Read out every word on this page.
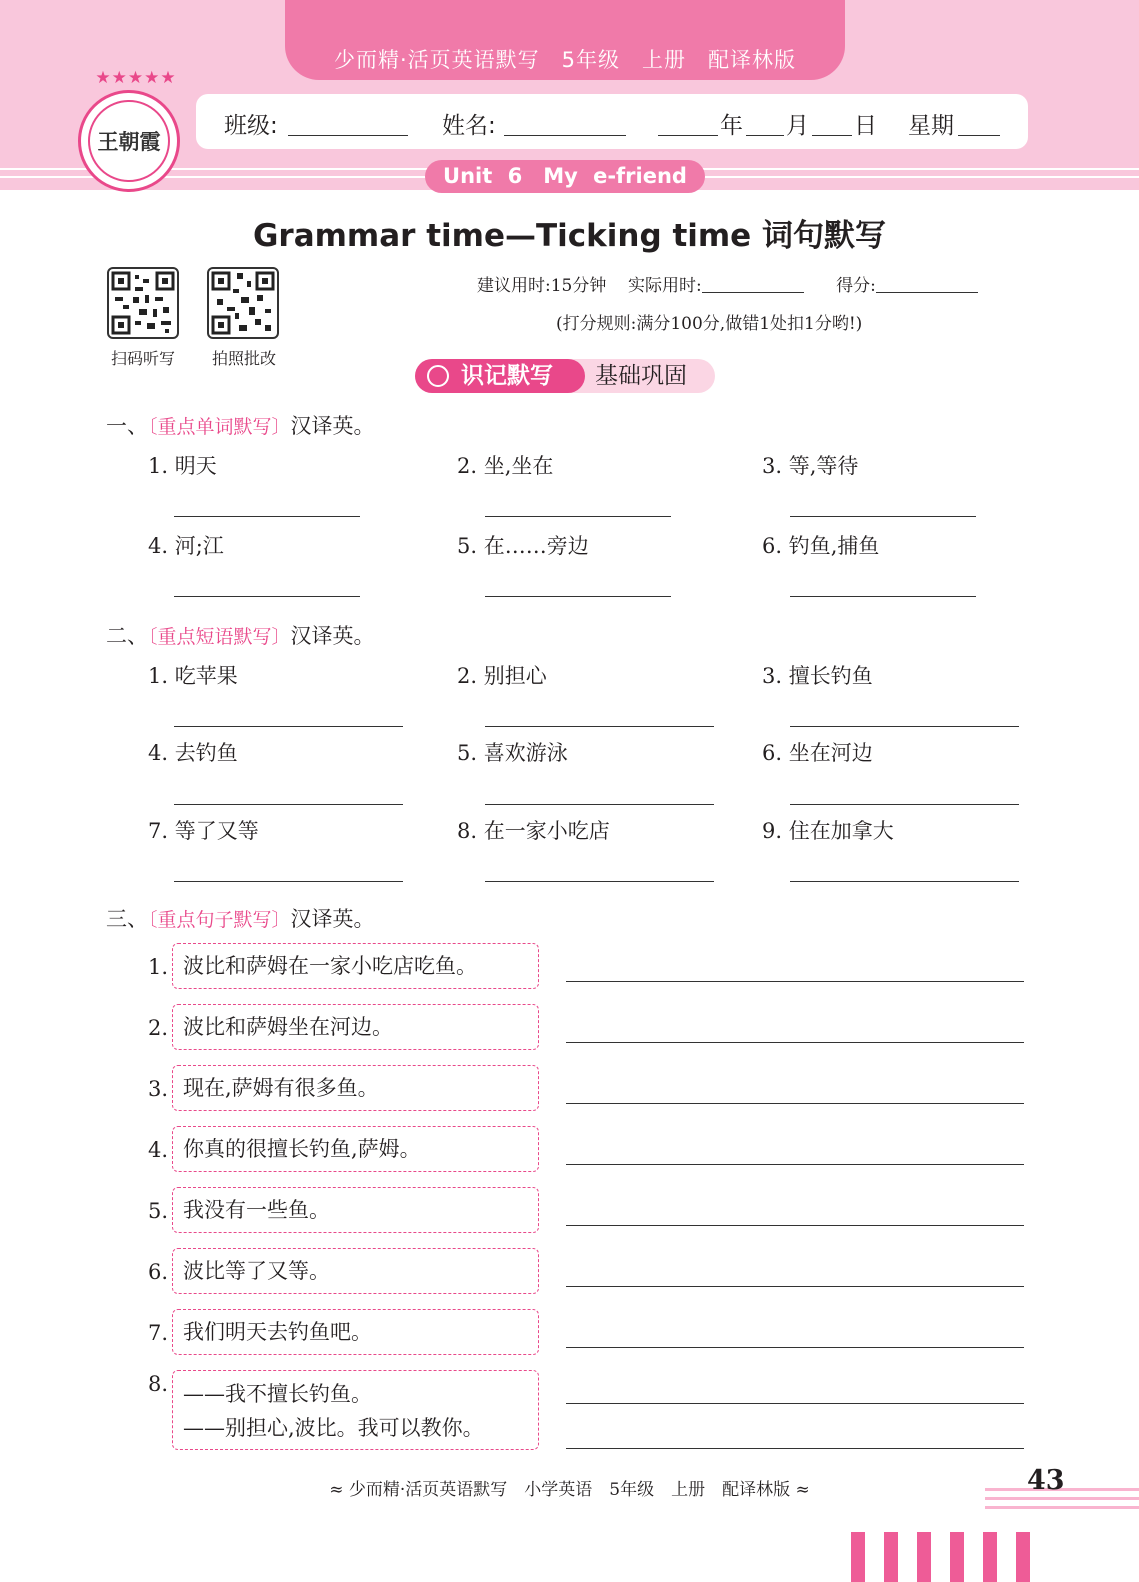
少而精·活页英语默写　5年级　上册　配译林版
★★★★★
王朝霞
班级:	姓名:	年 月 日 星期
Unit 6　My e-friend
Grammar time—Ticking time 词句默写
扫码听写	拍照批改
建议用时:15分钟 实际用时:	得分:
(打分规则:满分100分,做错1处扣1分哟!)
识记默写 基础巩固
一、〔重点单词默写〕汉译英。
1. 明天	2. 坐,坐在	3. 等,等待
4. 河;江	5. 在……旁边	6. 钓鱼,捕鱼
二、〔重点短语默写〕汉译英。
1. 吃苹果	2. 别担心	3. 擅长钓鱼
4. 去钓鱼	5. 喜欢游泳	6. 坐在河边
7. 等了又等	8. 在一家小吃店	9. 住在加拿大
三、〔重点句子默写〕汉译英。
1. 波比和萨姆在一家小吃店吃鱼。
2. 波比和萨姆坐在河边。
3. 现在,萨姆有很多鱼。
4. 你真的很擅长钓鱼,萨姆。
5. 我没有一些鱼。
6. 波比等了又等。
7. 我们明天去钓鱼吧。
8. ——我不擅长钓鱼。
——别担心,波比。我可以教你。
≈ 少而精·活页英语默写　小学英语　5年级　上册　配译林版 ≈	43
